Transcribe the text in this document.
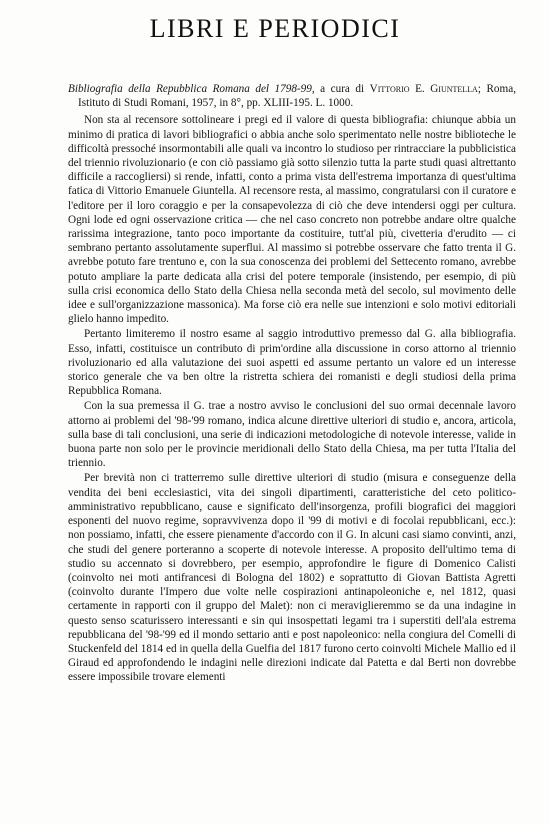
LIBRI E PERIODICI

Bibliografia della Repubblica Romana del 1798-99, a cura di Vittorio E. Giuntella; Roma, Istituto di Studi Romani, 1957, in 8°, pp. XLIII-195. L. 1000.

Non sta al recensore sottolineare i pregi ed il valore di questa bibliografia: chiunque abbia un minimo di pratica di lavori bibliografici o abbia anche solo sperimentato nelle nostre biblioteche le difficoltà pressoché insormontabili alle quali va incontro lo studioso per rintracciare la pubblicistica del triennio rivoluzionario (e con ciò passiamo già sotto silenzio tutta la parte studi quasi altrettanto difficile a raccogliersi) si rende, infatti, conto a prima vista dell'estrema importanza di quest'ultima fatica di Vittorio Emanuele Giuntella. Al recensore resta, al massimo, congratularsi con il curatore e l'editore per il loro coraggio e per la consapevolezza di ciò che deve intendersi oggi per cultura. Ogni lode ed ogni osservazione critica — che nel caso concreto non potrebbe andare oltre qualche rarissima integrazione, tanto poco importante da costituire, tutt'al più, civetteria d'erudito — ci sembrano pertanto assolutamente superflui. Al massimo si potrebbe osservare che fatto trenta il G. avrebbe potuto fare trentuno e, con la sua conoscenza dei problemi del Settecento romano, avrebbe potuto ampliare la parte dedicata alla crisi del potere temporale (insistendo, per esempio, di più sulla crisi economica dello Stato della Chiesa nella seconda metà del secolo, sul movimento delle idee e sull'organizzazione massonica). Ma forse ciò era nelle sue intenzioni e solo motivi editoriali glielo hanno impedito.

Pertanto limiteremo il nostro esame al saggio introduttivo premesso dal G. alla bibliografia. Esso, infatti, costituisce un contributo di prim'ordine alla discussione in corso attorno al triennio rivoluzionario ed alla valutazione dei suoi aspetti ed assume pertanto un valore ed un interesse storico generale che va ben oltre la ristretta schiera dei romanisti e degli studiosi della prima Repubblica Romana.

Con la sua premessa il G. trae a nostro avviso le conclusioni del suo ormai decennale lavoro attorno ai problemi del '98-'99 romano, indica alcune direttive ulteriori di studio e, ancora, articola, sulla base di tali conclusioni, una serie di indicazioni metodologiche di notevole interesse, valide in buona parte non solo per le provincie meridionali dello Stato della Chiesa, ma per tutta l'Italia del triennio.

Per brevità non ci tratterremo sulle direttive ulteriori di studio (misura e conseguenze della vendita dei beni ecclesiastici, vita dei singoli dipartimenti, caratteristiche del ceto politico-amministrativo repubblicano, cause e significato dell'insorgenza, profili biografici dei maggiori esponenti del nuovo regime, sopravvivenza dopo il '99 di motivi e di focolai repubblicani, ecc.): non possiamo, infatti, che essere pienamente d'accordo con il G. In alcuni casi siamo convinti, anzi, che studi del genere porteranno a scoperte di notevole interesse. A proposito dell'ultimo tema di studio su accennato si dovrebbero, per esempio, approfondire le figure di Domenico Calisti (coinvolto nei moti antifrancesi di Bologna del 1802) e soprattutto di Giovan Battista Agretti (coinvolto durante l'Impero due volte nelle cospirazioni antinapoleoniche e, nel 1812, quasi certamente in rapporti con il gruppo del Malet): non ci meraviglieremmo se da una indagine in questo senso scaturissero interessanti e sin qui insospettati legami tra i superstiti dell'ala estrema repubblicana del '98-'99 ed il mondo settario anti e post napoleonico: nella congiura del Comelli di Stuckenfeld del 1814 ed in quella della Guelfia del 1817 furono certo coinvolti Michele Mallio ed il Giraud ed approfondendo le indagini nelle direzioni indicate dal Patetta e dal Berti non dovrebbe essere impossibile trovare elementi
